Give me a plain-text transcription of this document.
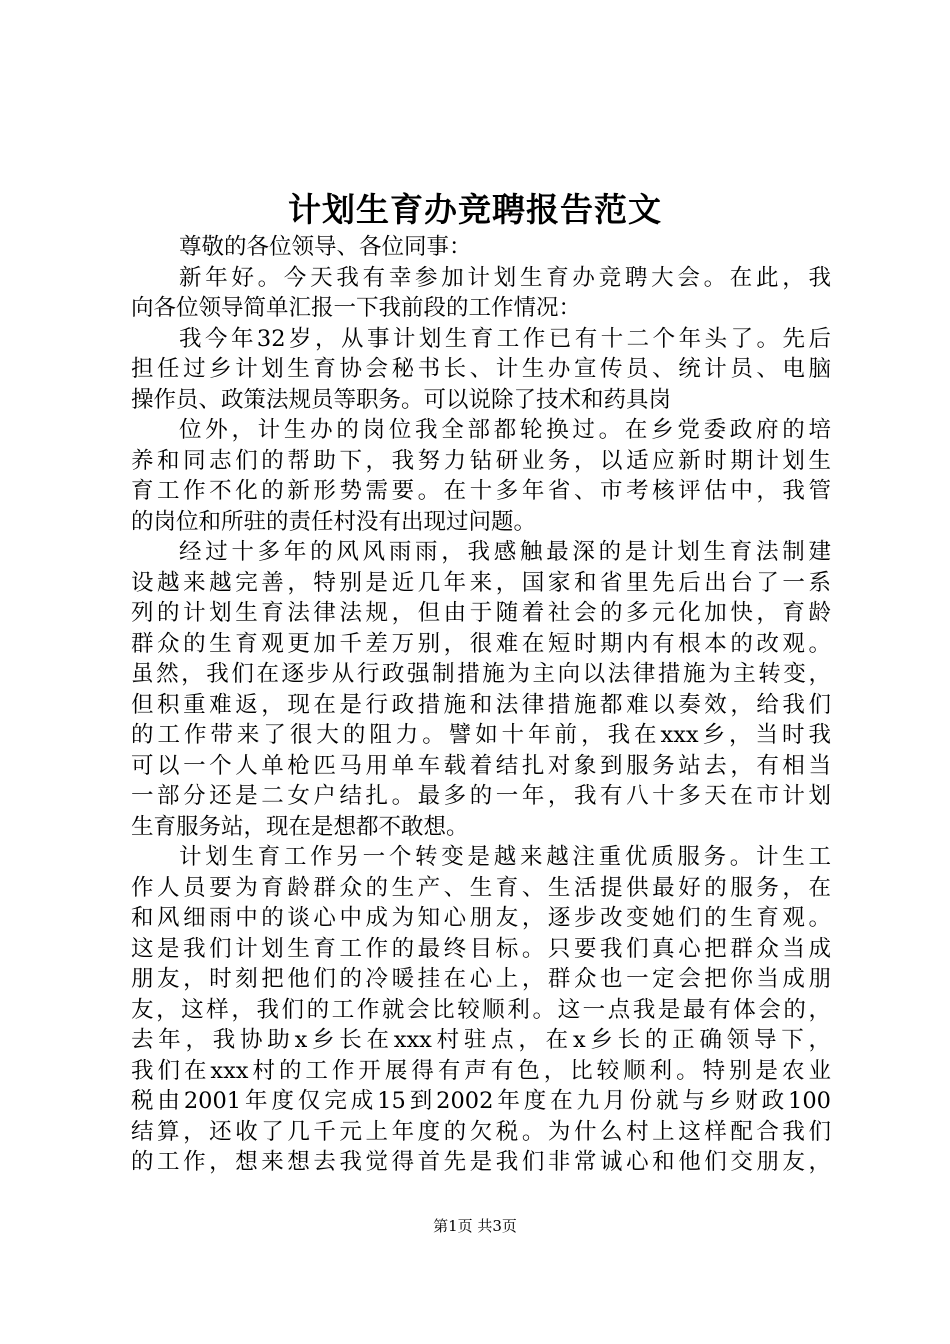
计划生育办竞聘报告范文
尊敬的各位领导、各位同事：
新年好。今天我有幸参加计划生育办竞聘大会。在此，我
向各位领导简单汇报一下我前段的工作情况：
我今年32岁，从事计划生育工作已有十二个年头了。先后
担任过乡计划生育协会秘书长、计生办宣传员、统计员、电脑
操作员、政策法规员等职务。可以说除了技术和药具岗
位外，计生办的岗位我全部都轮换过。在乡党委政府的培
养和同志们的帮助下，我努力钻研业务，以适应新时期计划生
育工作不化的新形势需要。在十多年省、市考核评估中，我管
的岗位和所驻的责任村没有出现过问题。
经过十多年的风风雨雨，我感触最深的是计划生育法制建
设越来越完善，特别是近几年来，国家和省里先后出台了一系
列的计划生育法律法规，但由于随着社会的多元化加快，育龄
群众的生育观更加千差万别，很难在短时期内有根本的改观。
虽然，我们在逐步从行政强制措施为主向以法律措施为主转变，
但积重难返，现在是行政措施和法律措施都难以奏效，给我们
的工作带来了很大的阻力。譬如十年前，我在xxx乡，当时我
可以一个人单枪匹马用单车载着结扎对象到服务站去，有相当
一部分还是二女户结扎。最多的一年，我有八十多天在市计划
生育服务站，现在是想都不敢想。
计划生育工作另一个转变是越来越注重优质服务。计生工
作人员要为育龄群众的生产、生育、生活提供最好的服务，在
和风细雨中的谈心中成为知心朋友，逐步改变她们的生育观。
这是我们计划生育工作的最终目标。只要我们真心把群众当成
朋友，时刻把他们的冷暖挂在心上，群众也一定会把你当成朋
友，这样，我们的工作就会比较顺利。这一点我是最有体会的，
去年，我协助x乡长在xxx村驻点，在x乡长的正确领导下，
我们在xxx村的工作开展得有声有色，比较顺利。特别是农业
税由2001年度仅完成15到2002年度在九月份就与乡财政100
结算，还收了几千元上年度的欠税。为什么村上这样配合我们
的工作，想来想去我觉得首先是我们非常诚心和他们交朋友，
第1页 共3页
